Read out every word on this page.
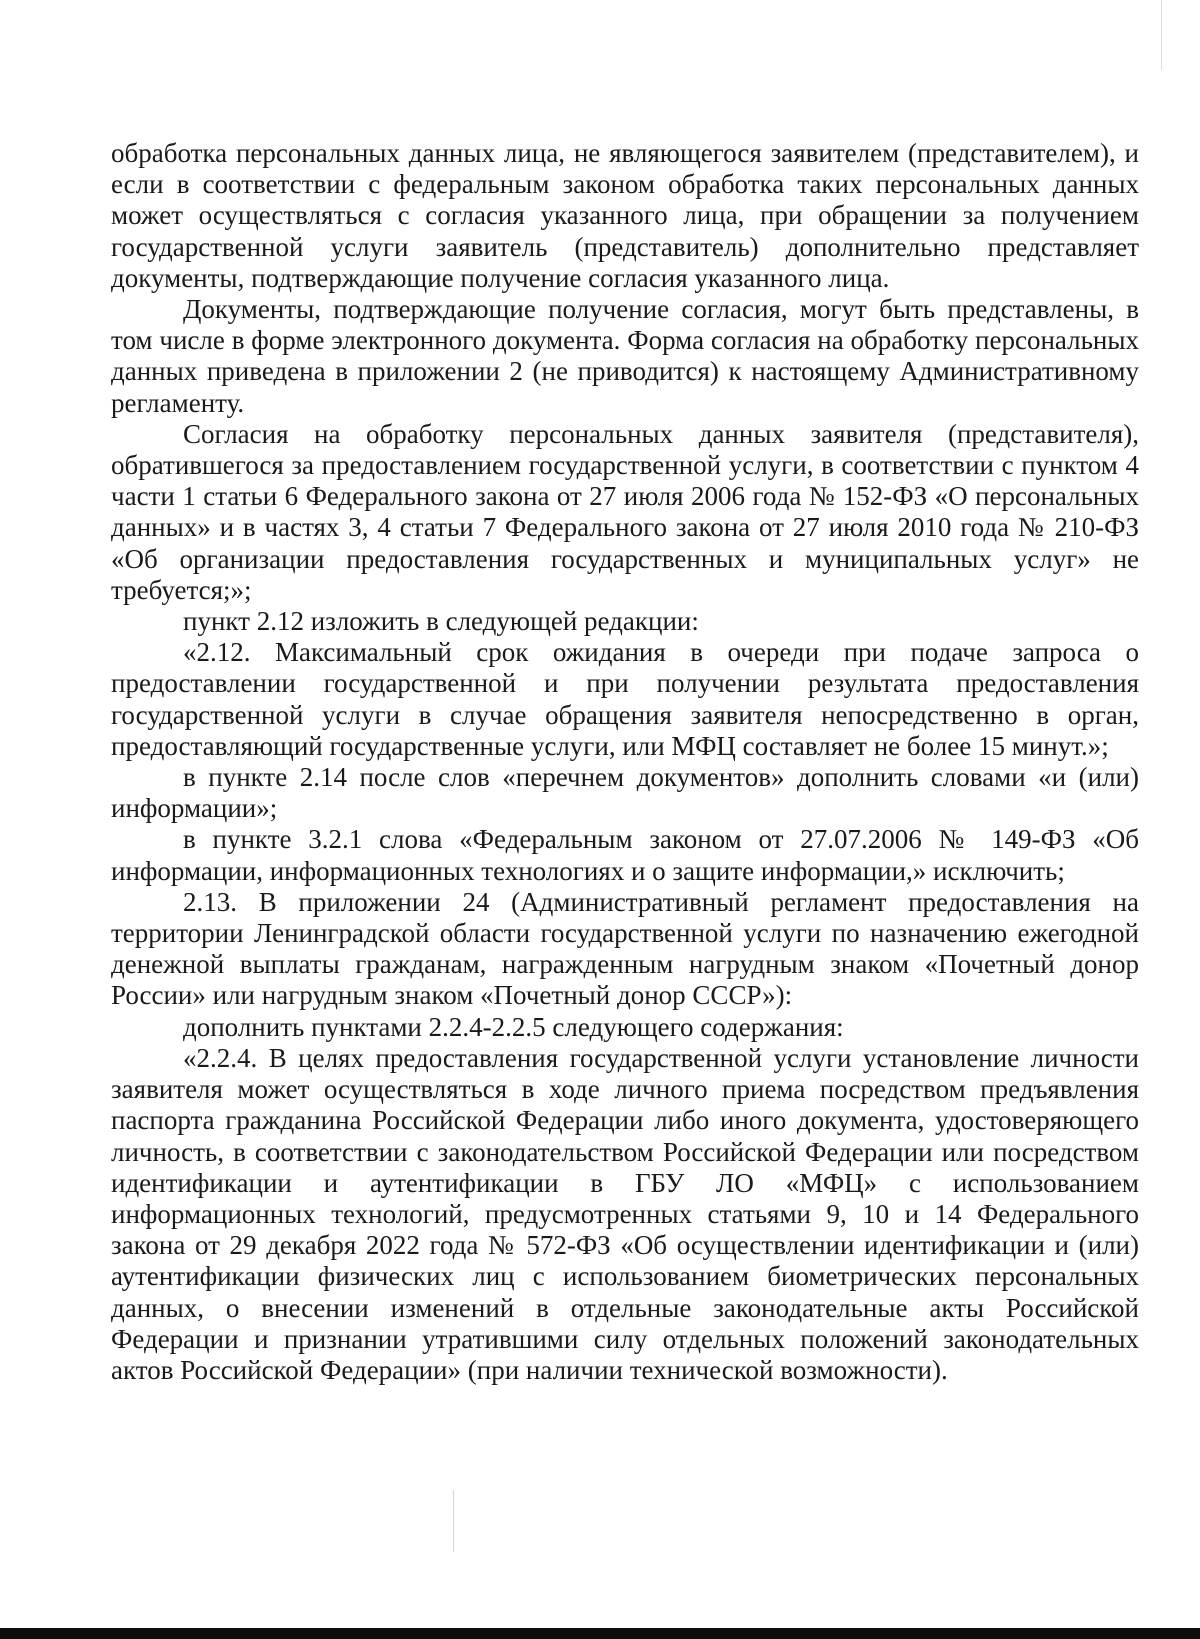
обработка персональных данных лица, не являющегося заявителем (представителем), и если в соответствии с федеральным законом обработка таких персональных данных может осуществляться с согласия указанного лица, при обращении за получением государственной услуги заявитель (представитель) дополнительно представляет документы, подтверждающие получение согласия указанного лица.

Документы, подтверждающие получение согласия, могут быть представлены, в том числе в форме электронного документа. Форма согласия на обработку персональных данных приведена в приложении 2 (не приводится) к настоящему Административному регламенту.

Согласия на обработку персональных данных заявителя (представителя), обратившегося за предоставлением государственной услуги, в соответствии с пунктом 4 части 1 статьи 6 Федерального закона от 27 июля 2006 года № 152-ФЗ «О персональных данных» и в частях 3, 4 статьи 7 Федерального закона от 27 июля 2010 года № 210-ФЗ «Об организации предоставления государственных и муниципальных услуг» не требуется;»;

пункт 2.12 изложить в следующей редакции:

«2.12. Максимальный срок ожидания в очереди при подаче запроса о предоставлении государственной и при получении результата предоставления государственной услуги в случае обращения заявителя непосредственно в орган, предоставляющий государственные услуги, или МФЦ составляет не более 15 минут.»;

в пункте 2.14 после слов «перечнем документов» дополнить словами «и (или) информации»;

в пункте 3.2.1 слова «Федеральным законом от 27.07.2006 № 149-ФЗ «Об информации, информационных технологиях и о защите информации,» исключить;

2.13. В приложении 24 (Административный регламент предоставления на территории Ленинградской области государственной услуги по назначению ежегодной денежной выплаты гражданам, награжденным нагрудным знаком «Почетный донор России» или нагрудным знаком «Почетный донор СССР»):

дополнить пунктами 2.2.4-2.2.5 следующего содержания:

«2.2.4. В целях предоставления государственной услуги установление личности заявителя может осуществляться в ходе личного приема посредством предъявления паспорта гражданина Российской Федерации либо иного документа, удостоверяющего личность, в соответствии с законодательством Российской Федерации или посредством идентификации и аутентификации в ГБУ ЛО «МФЦ» с использованием информационных технологий, предусмотренных статьями 9, 10 и 14 Федерального закона от 29 декабря 2022 года № 572-ФЗ «Об осуществлении идентификации и (или) аутентификации физических лиц с использованием биометрических персональных данных, о внесении изменений в отдельные законодательные акты Российской Федерации и признании утратившими силу отдельных положений законодательных актов Российской Федерации» (при наличии технической возможности).
